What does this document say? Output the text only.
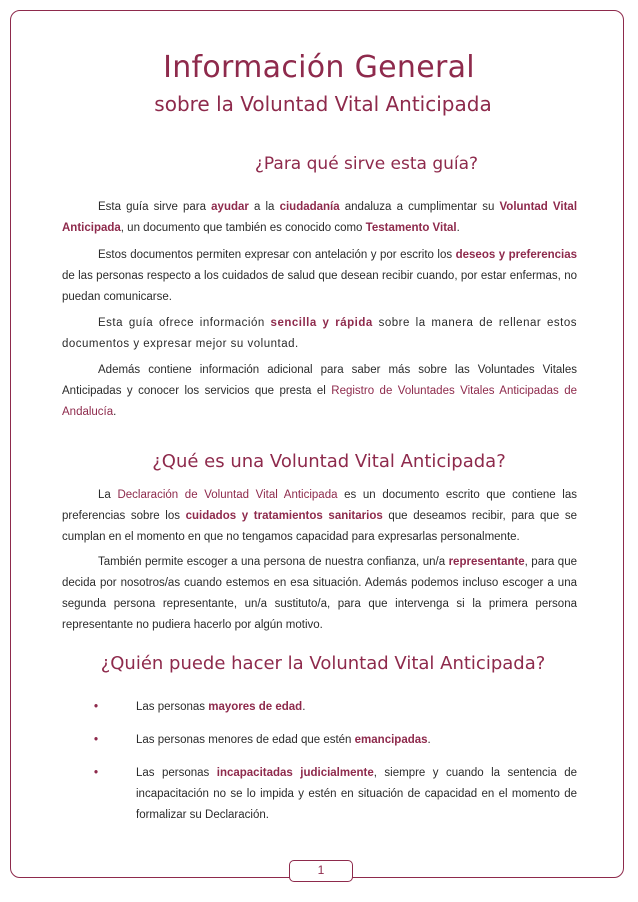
Información General
sobre la Voluntad Vital Anticipada
¿Para qué sirve esta guía?

Esta guía sirve para ayudar a la ciudadanía andaluza a cumplimentar su Voluntad Vital Anticipada, un documento que también es conocido como Testamento Vital.

Estos documentos permiten expresar con antelación y por escrito los deseos y preferencias de las personas respecto a los cuidados de salud que desean recibir cuando, por estar enfermas, no puedan comunicarse.

Esta guía ofrece información sencilla y rápida sobre la manera de rellenar estos documentos y expresar mejor su voluntad.

Además contiene información adicional para saber más sobre las Voluntades Vitales Anticipadas y conocer los servicios que presta el Registro de Voluntades Vitales Anticipadas de Andalucía.

¿Qué es una Voluntad Vital Anticipada?

La Declaración de Voluntad Vital Anticipada es un documento escrito que contiene las preferencias sobre los cuidados y tratamientos sanitarios que deseamos recibir, para que se cumplan en el momento en que no tengamos capacidad para expresarlas personalmente.

También permite escoger a una persona de nuestra confianza, un/a representante, para que decida por nosotros/as cuando estemos en esa situación. Además podemos incluso escoger a una segunda persona representante, un/a sustituto/a, para que intervenga si la primera persona representante no pudiera hacerlo por algún motivo.

¿Quién puede hacer la Voluntad Vital Anticipada?
•	Las personas mayores de edad.
•	Las personas menores de edad que estén emancipadas.
•	Las personas incapacitadas judicialmente, siempre y cuando la sentencia de incapacitación no se lo impida y estén en situación de capacidad en el momento de formalizar su Declaración.
1
